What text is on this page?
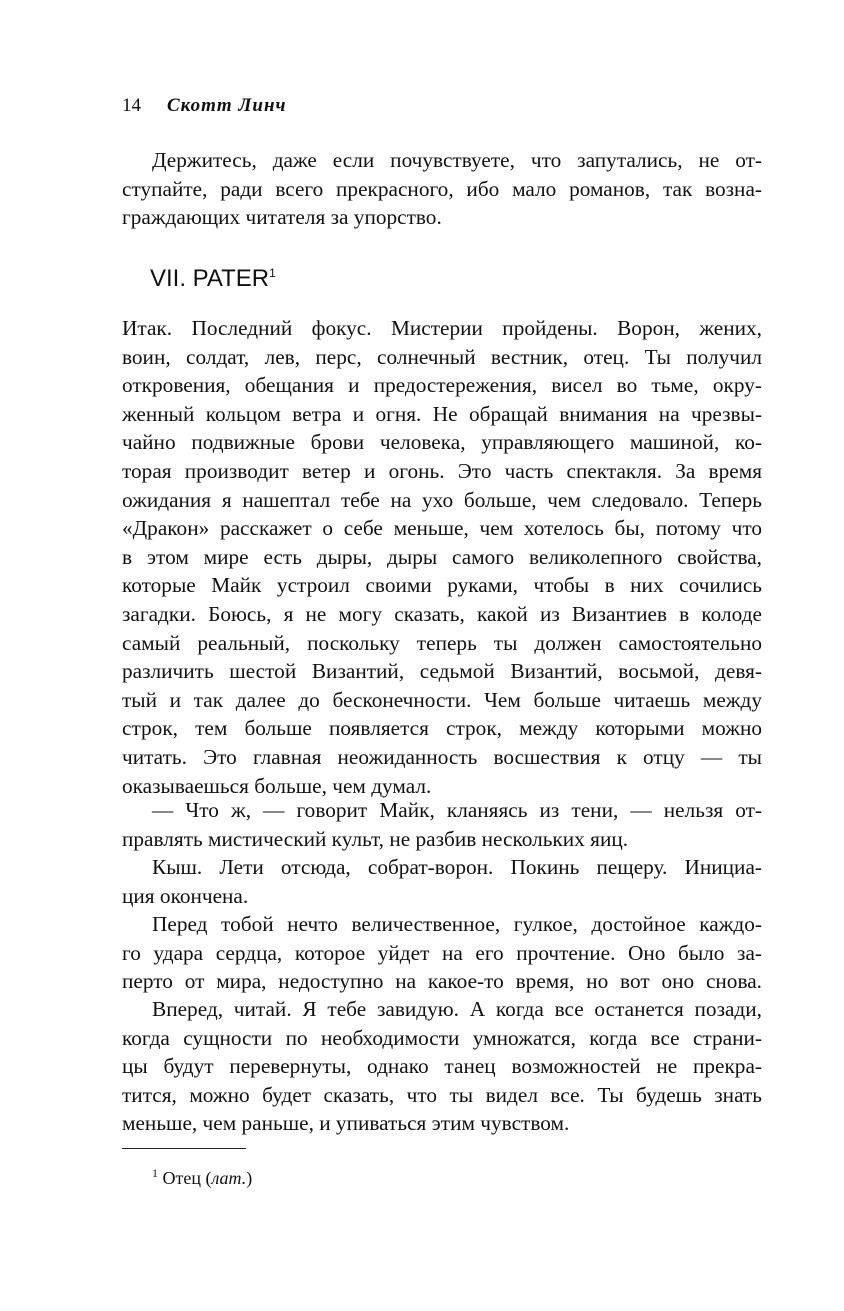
14 Скотт Линч
Держитесь, даже если почувствуете, что запутались, не от-
ступайте, ради всего прекрасного, ибо мало романов, так возна-
граждающих читателя за упорство.
VII. PATER$^1$
Итак. Последний фокус. Мистерии пройдены. Ворон, жених,
воин, солдат, лев, перс, солнечный вестник, отец. Ты получил
откровения, обещания и предостережения, висел во тьме, окру-
женный кольцом ветра и огня. Не обращай внимания на чрезвы-
чайно подвижные брови человека, управляющего машиной, ко-
торая производит ветер и огонь. Это часть спектакля. За время
ожидания я нашептал тебе на ухо больше, чем следовало. Теперь
«Дракон» расскажет о себе меньше, чем хотелось бы, потому что
в этом мире есть дыры, дыры самого великолепного свойства,
которые Майк устроил своими руками, чтобы в них сочились
загадки. Боюсь, я не могу сказать, какой из Византиев в колоде
самый реальный, поскольку теперь ты должен самостоятельно
различить шестой Византий, седьмой Византий, восьмой, девя-
тый и так далее до бесконечности. Чем больше читаешь между
строк, тем больше появляется строк, между которыми можно
читать. Это главная неожиданность восшествия к отцу — ты
оказываешься больше, чем думал.
— Что ж, — говорит Майк, кланяясь из тени, — нельзя от-
правлять мистический культ, не разбив нескольких яиц.
Кыш. Лети отсюда, собрат-ворон. Покинь пещеру. Инициа-
ция окончена.
Перед тобой нечто величественное, гулкое, достойное каждо-
го удара сердца, которое уйдет на его прочтение. Оно было за-
перто от мира, недоступно на какое-то время, но вот оно снова.
Вперед, читай. Я тебе завидую. А когда все останется позади,
когда сущности по необходимости умножатся, когда все страни-
цы будут перевернуты, однако танец возможностей не прекра-
тится, можно будет сказать, что ты видел все. Ты будешь знать
меньше, чем раньше, и упиваться этим чувством.
$^1$ Отец (лат.)
